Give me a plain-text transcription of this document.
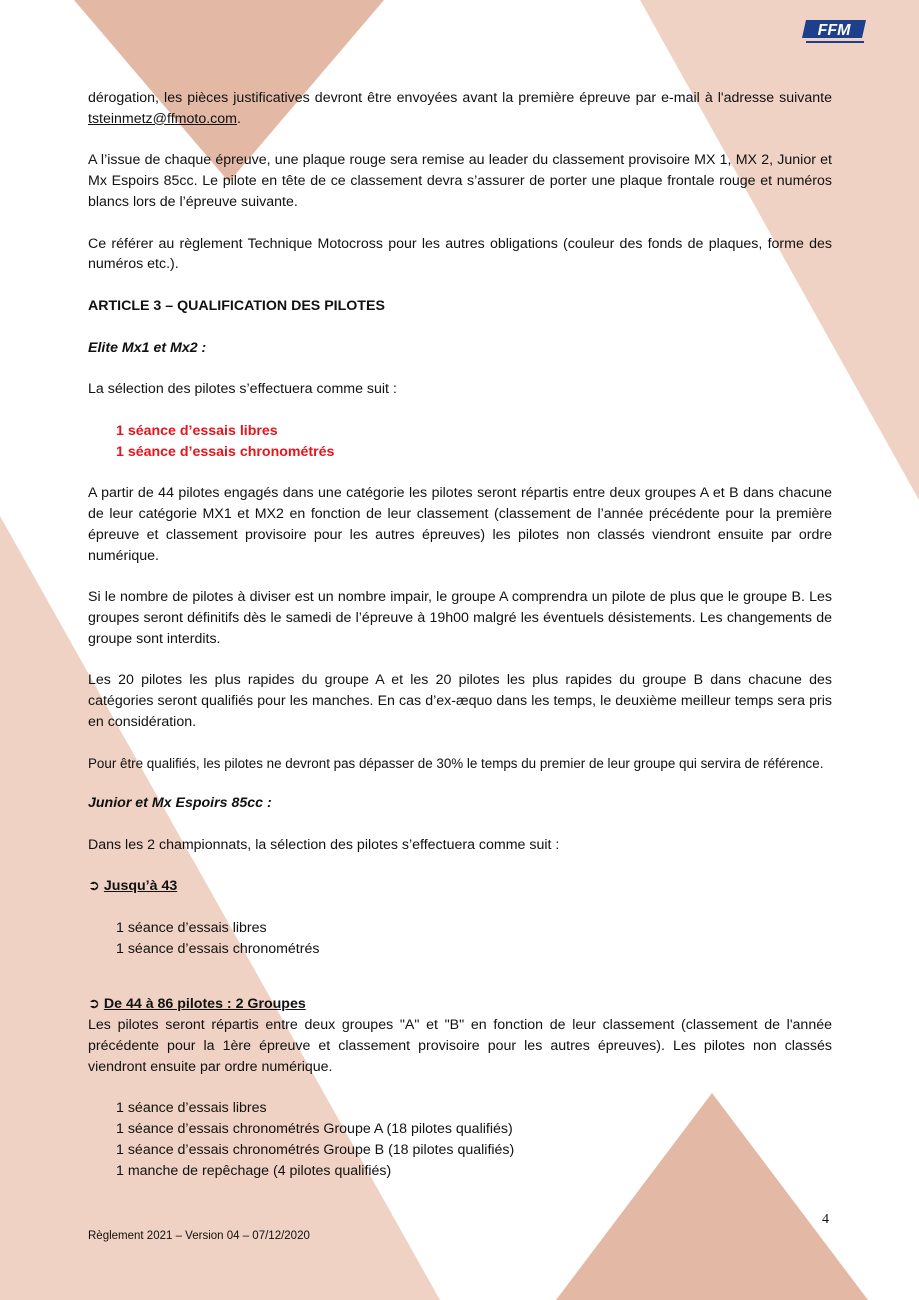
FFM

dérogation, les pièces justificatives devront être envoyées avant la première épreuve par e-mail à l'adresse suivante tsteinmetz@ffmoto.com.

A l’issue de chaque épreuve, une plaque rouge sera remise au leader du classement provisoire MX 1, MX 2, Junior et Mx Espoirs 85cc. Le pilote en tête de ce classement devra s’assurer de porter une plaque frontale rouge et numéros blancs lors de l’épreuve suivante.

Ce référer au règlement Technique Motocross pour les autres obligations (couleur des fonds de plaques, forme des numéros etc.).

ARTICLE 3 – QUALIFICATION DES PILOTES

Elite Mx1 et Mx2 :

La sélection des pilotes s’effectuera comme suit :

1 séance d’essais libres

1 séance d’essais chronométrés

A partir de 44 pilotes engagés dans une catégorie les pilotes seront répartis entre deux groupes A et B dans chacune de leur catégorie MX1 et MX2 en fonction de leur classement (classement de l’année précédente pour la première épreuve et classement provisoire pour les autres épreuves) les pilotes non classés viendront ensuite par ordre numérique.

Si le nombre de pilotes à diviser est un nombre impair, le groupe A comprendra un pilote de plus que le groupe B. Les groupes seront définitifs dès le samedi de l’épreuve à 19h00 malgré les éventuels désistements. Les changements de groupe sont interdits.

Les 20 pilotes les plus rapides du groupe A et les 20 pilotes les plus rapides du groupe B dans chacune des catégories seront qualifiés pour les manches. En cas d’ex-æquo dans les temps, le deuxième meilleur temps sera pris en considération.

Pour être qualifiés, les pilotes ne devront pas dépasser de 30% le temps du premier de leur groupe qui servira de référence.

Junior et Mx Espoirs 85cc :

Dans les 2 championnats, la sélection des pilotes s’effectuera comme suit :

➲ Jusqu’à 43

1 séance d’essais libres

1 séance d’essais chronométrés

➲ De 44 à 86 pilotes : 2 Groupes

Les pilotes seront répartis entre deux groupes "A" et "B" en fonction de leur classement (classement de l'année précédente pour la 1ère épreuve et classement provisoire pour les autres épreuves). Les pilotes non classés viendront ensuite par ordre numérique.

1 séance d’essais libres

1 séance d’essais chronométrés Groupe A (18 pilotes qualifiés)

1 séance d’essais chronométrés Groupe B (18 pilotes qualifiés)

1 manche de repêchage (4 pilotes qualifiés)

4
Règlement 2021 – Version 04 – 07/12/2020
